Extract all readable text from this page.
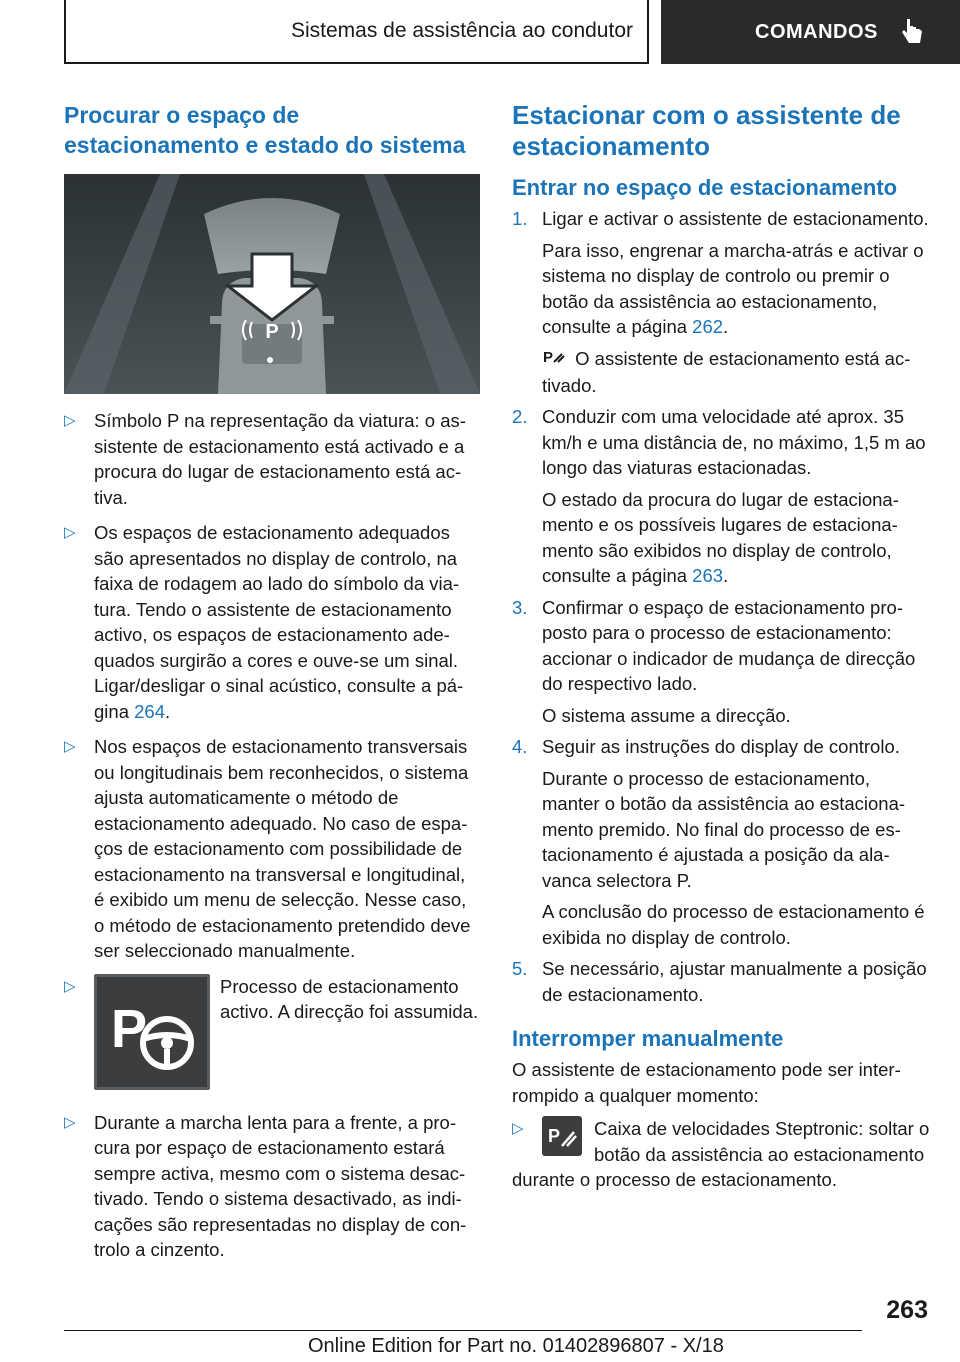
Sistemas de assistência ao condutor	COMANDOS
Procurar o espaço de estacionamento e estado do sistema
P
▷ Símbolo P na representação da viatura: o assistente de estacionamento está activado e a procura do lugar de estacionamento está activa.
▷ Os espaços de estacionamento adequados são apresentados no display de controlo, na faixa de rodagem ao lado do símbolo da viatura. Tendo o assistente de estacionamento activo, os espaços de estacionamento adequados surgirão a cores e ouve-se um sinal. Ligar/desligar o sinal acústico, consulte a página 264.
▷ Nos espaços de estacionamento transversais ou longitudinais bem reconhecidos, o sistema ajusta automaticamente o método de estacionamento adequado. No caso de espaços de estacionamento com possibilidade de estacionamento na transversal e longitudinal, é exibido um menu de selecção. Nesse caso, o método de estacionamento pretendido deve ser seleccionado manualmente.
▷
P
Processo de estacionamento activo. A direcção foi assumida.
▷ Durante a marcha lenta para a frente, a procura por espaço de estacionamento estará sempre activa, mesmo com o sistema desactivado. Tendo o sistema desactivado, as indicações são representadas no display de controlo a cinzento.
Estacionar com o assistente de estacionamento
Entrar no espaço de estacionamento
1. Ligar e activar o assistente de estacionamento.
Para isso, engrenar a marcha-atrás e activar o sistema no display de controlo ou premir o botão da assistência ao estacionamento, consulte a página 262.
P O assistente de estacionamento está activado.
2. Conduzir com uma velocidade até aprox. 35 km/h e uma distância de, no máximo, 1,5 m ao longo das viaturas estacionadas.
O estado da procura do lugar de estacionamento e os possíveis lugares de estacionamento são exibidos no display de controlo, consulte a página 263.
3. Confirmar o espaço de estacionamento proposto para o processo de estacionamento: accionar o indicador de mudança de direcção do respectivo lado.
O sistema assume a direcção.
4. Seguir as instruções do display de controlo.
Durante o processo de estacionamento, manter o botão da assistência ao estacionamento premido. No final do processo de estacionamento é ajustada a posição da alavanca selectora P.
A conclusão do processo de estacionamento é exibida no display de controlo.
5. Se necessário, ajustar manualmente a posição de estacionamento.
Interromper manualmente
O assistente de estacionamento pode ser interrompido a qualquer momento:
▷ P Caixa de velocidades Steptronic: soltar o botão da assistência ao estacionamento durante o processo de estacionamento.
263
Online Edition for Part no. 01402896807 - X/18
